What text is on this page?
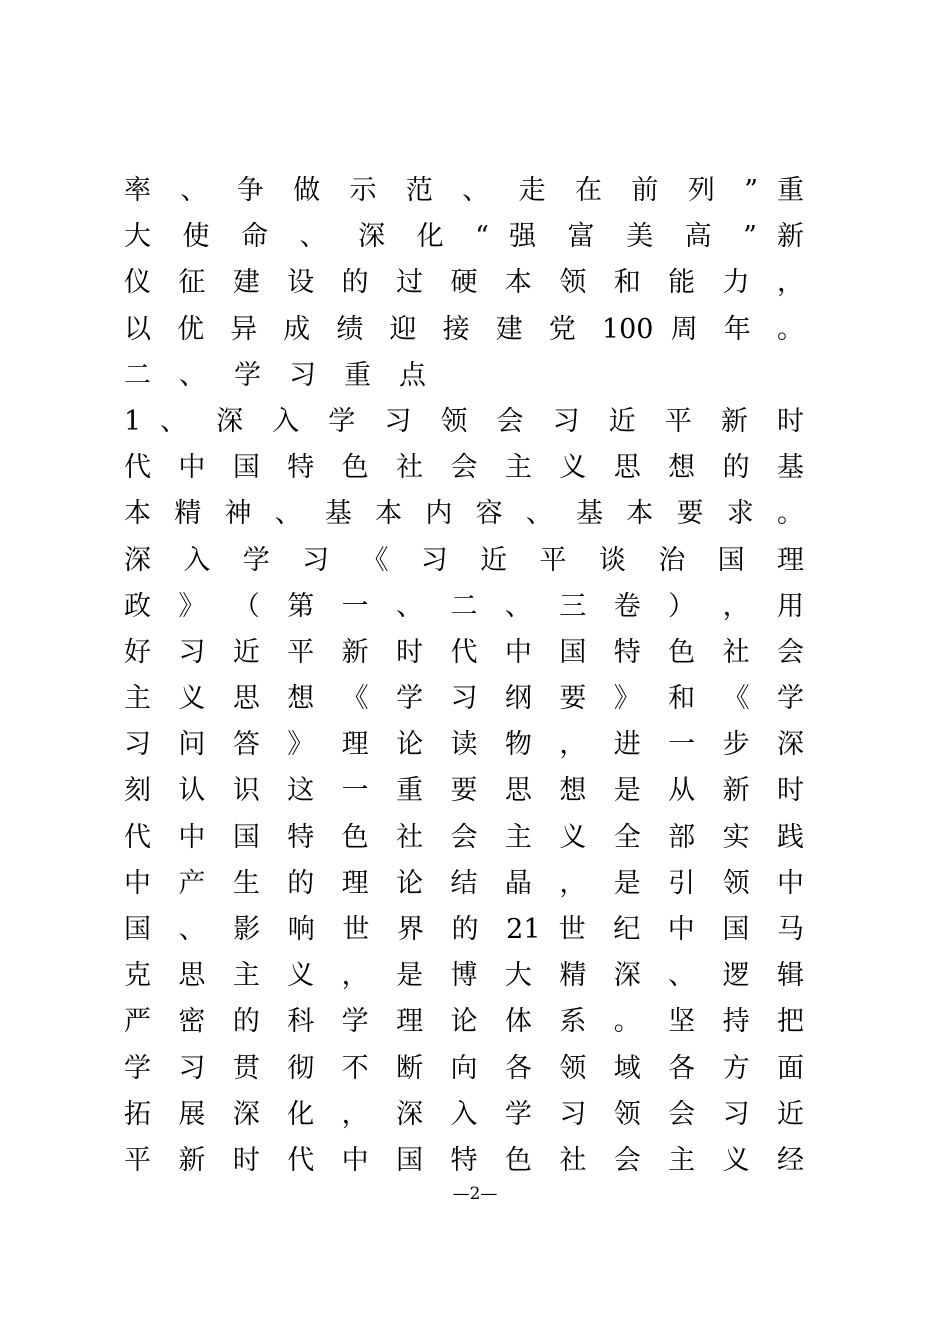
率 、 争 做 示 范 、 走 在 前 列 ” 重
大 使 命 、 深 化 “ 强 富 美 高 ” 新
仪 征 建 设 的 过 硬 本 领 和 能 力 ，
以 优 异 成 绩 迎 接 建 党 100 周 年 。
二、学习重点
1 、 深 入 学 习 领 会 习 近 平 新 时
代 中 国 特 色 社 会 主 义 思 想 的 基
本 精 神 、 基 本 内 容 、 基 本 要 求 。
深 入 学 习 《 习 近 平 谈 治 国 理
政 》 （ 第 一 、 二 、 三 卷 ） ， 用
好 习 近 平 新 时 代 中 国 特 色 社 会
主 义 思 想 《 学 习 纲 要 》 和 《 学
习 问 答 》 理 论 读 物 ， 进 一 步 深
刻 认 识 这 一 重 要 思 想 是 从 新 时
代 中 国 特 色 社 会 主 义 全 部 实 践
中 产 生 的 理 论 结 晶 ， 是 引 领 中
国 、 影 响 世 界 的 21 世 纪 中 国 马
克 思 主 义 ， 是 博 大 精 深 、 逻 辑
严 密 的 科 学 理 论 体 系 。 坚 持 把
学 习 贯 彻 不 断 向 各 领 域 各 方 面
拓 展 深 化 ， 深 入 学 习 领 会 习 近
平 新 时 代 中 国 特 色 社 会 主 义 经
—2—
